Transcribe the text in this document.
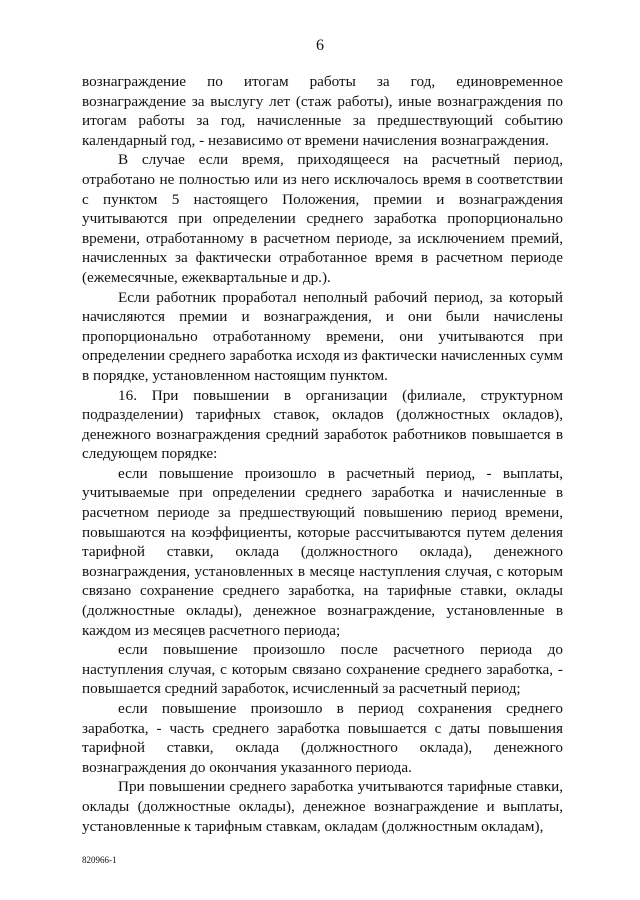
6

вознаграждение по итогам работы за год, единовременное вознаграждение за выслугу лет (стаж работы), иные вознаграждения по итогам работы за год, начисленные за предшествующий событию календарный год, - независимо от времени начисления вознаграждения.

В случае если время, приходящееся на расчетный период, отработано не полностью или из него исключалось время в соответствии с пунктом 5 настоящего Положения, премии и вознаграждения учитываются при определении среднего заработка пропорционально времени, отработанному в расчетном периоде, за исключением премий, начисленных за фактически отработанное время в расчетном периоде (ежемесячные, ежеквартальные и др.).

Если работник проработал неполный рабочий период, за который начисляются премии и вознаграждения, и они были начислены пропорционально отработанному времени, они учитываются при определении среднего заработка исходя из фактически начисленных сумм в порядке, установленном настоящим пунктом.

16. При повышении в организации (филиале, структурном подразделении) тарифных ставок, окладов (должностных окладов), денежного вознаграждения средний заработок работников повышается в следующем порядке:

если повышение произошло в расчетный период, - выплаты, учитываемые при определении среднего заработка и начисленные в расчетном периоде за предшествующий повышению период времени, повышаются на коэффициенты, которые рассчитываются путем деления тарифной ставки, оклада (должностного оклада), денежного вознаграждения, установленных в месяце наступления случая, с которым связано сохранение среднего заработка, на тарифные ставки, оклады (должностные оклады), денежное вознаграждение, установленные в каждом из месяцев расчетного периода;

если повышение произошло после расчетного периода до наступления случая, с которым связано сохранение среднего заработка, - повышается средний заработок, исчисленный за расчетный период;

если повышение произошло в период сохранения среднего заработка, - часть среднего заработка повышается с даты повышения тарифной ставки, оклада (должностного оклада), денежного вознаграждения до окончания указанного периода.

При повышении среднего заработка учитываются тарифные ставки, оклады (должностные оклады), денежное вознаграждение и выплаты, установленные к тарифным ставкам, окладам (должностным окладам),

820966-1
